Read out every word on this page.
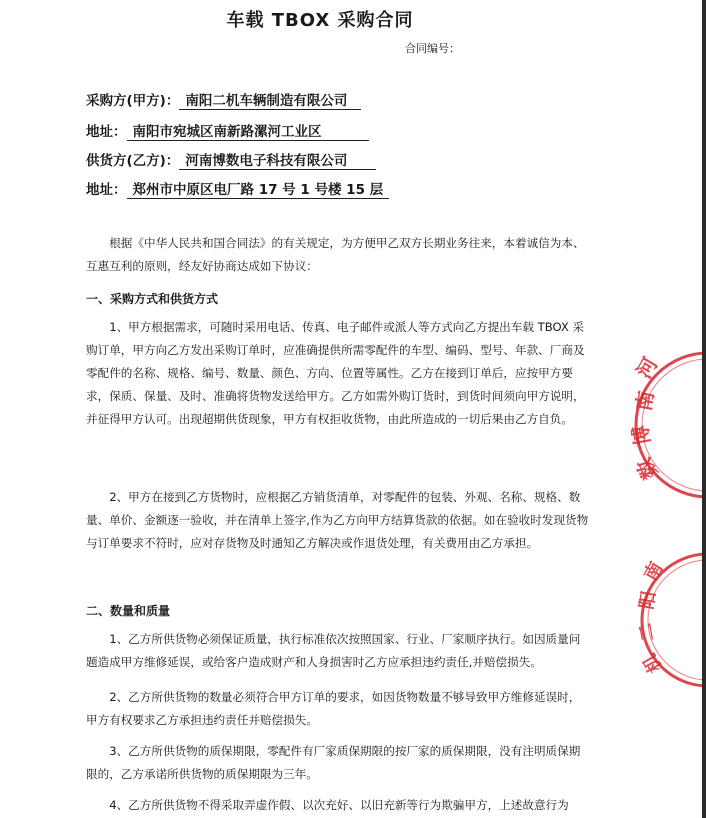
车载 TBOX 采购合同
合同编号：
采购方(甲方)： 南阳二机车辆制造有限公司
地址： 南阳市宛城区南新路漯河工业区
供货方(乙方)： 河南博数电子科技有限公司
地址： 郑州市中原区电厂路 17 号 1 号楼 15 层
根据《中华人民共和国合同法》的有关规定，为方便甲乙双方长期业务往来，本着诚信为本、互惠互利的原则，经友好协商达成如下协议：
一、采购方式和供货方式
1、甲方根据需求，可随时采用电话、传真、电子邮件或派人等方式向乙方提出车载 TBOX 采购订单，甲方向乙方发出采购订单时，应准确提供所需零配件的车型、编码、型号、年款、厂商及零配件的名称、规格、编号、数量、颜色、方向、位置等属性。乙方在接到订单后，应按甲方要求，保质、保量、及时、准确将货物发送给甲方。乙方如需外购订货时，到货时间须向甲方说明，并征得甲方认可。出现超期供货现象，甲方有权拒收货物，由此所造成的一切后果由乙方自负。
2、甲方在接到乙方货物时，应根据乙方销货清单，对零配件的包装、外观、名称、规格、数量、单价、金额逐一验收，并在清单上签字,作为乙方向甲方结算货款的依据。如在验收时发现货物与订单要求不符时，应对存货物及时通知乙方解决或作退货处理，有关费用由乙方承担。
二、数量和质量
1、乙方所供货物必须保证质量，执行标准依次按照国家、行业、厂家顺序执行。如因质量问题造成甲方维修延误，或给客户造成财产和人身损害时乙方应承担违约责任,并赔偿损失。
2、乙方所供货物的数量必须符合甲方订单的要求，如因货物数量不够导致甲方维修延误时，甲方有权要求乙方承担违约责任并赔偿损失。
3、乙方所供货物的质保期限，零配件有厂家质保期限的按厂家的质保期限，没有注明质保期限的，乙方承诺所供货物的质保期限为三年。
4、乙方所供货物不得采取弄虚作假、以次充好、以旧充新等行为欺骗甲方，上述故意行为
河
南
博
数
南
阳
二
机
